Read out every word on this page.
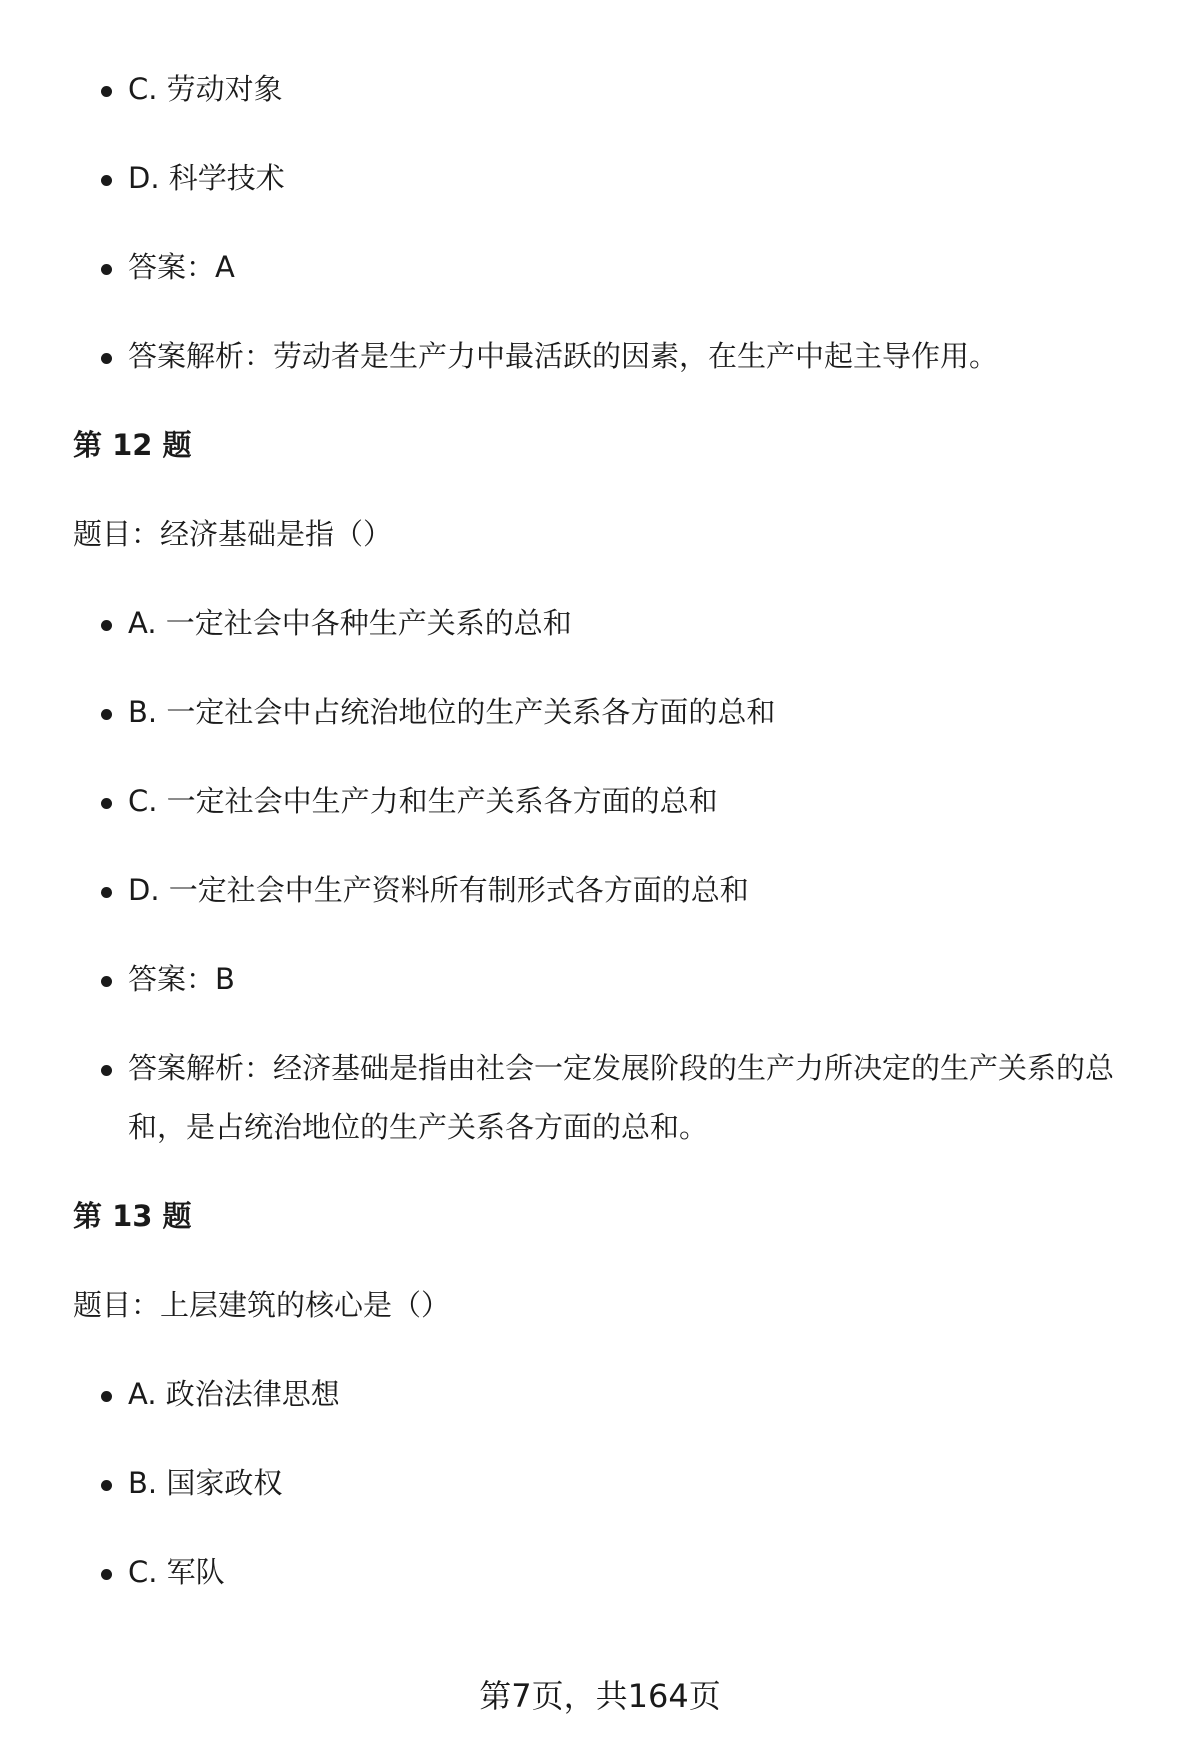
C. 劳动对象
D. 科学技术
答案：A
答案解析：劳动者是生产力中最活跃的因素，在生产中起主导作用。
第 12 题
题目：经济基础是指（）
A. 一定社会中各种生产关系的总和
B. 一定社会中占统治地位的生产关系各方面的总和
C. 一定社会中生产力和生产关系各方面的总和
D. 一定社会中生产资料所有制形式各方面的总和
答案：B
答案解析：经济基础是指由社会一定发展阶段的生产力所决定的生产关系的总和，是占统治地位的生产关系各方面的总和。
第 13 题
题目：上层建筑的核心是（）
A. 政治法律思想
B. 国家政权
C. 军队
第7页，共164页
